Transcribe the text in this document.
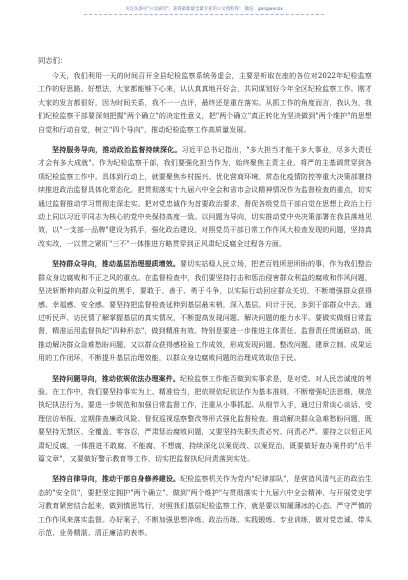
关注头条号"公文研究"，获得最新最全最专业的公文资料库！ 微信：gongwenzx

同志们：

今天，我们利用一天的时间召开全县纪检监察系统务虚会，主要是听取在座的各位对2022年纪检监察工作的好思路、好想法，大家都能够下心来，认认真真地开好会，共同谋划好今年全区纪检监察工作。刚才大家的发言都很好，因为时间关系，我不一一点评，最终还是重在落实。从抓工作的角度而言，我认为，我们纪检监察干部要深刻把握"两个确立"的决定性意义，把"两个确立"真正转化为坚决做到"两个维护"的思想自觉和行动自觉，树立"四个导向"，推动纪检监察工作高质量发展。

坚持服务导向，推动政治监督持续深化。习近平总书记指出，"多大担当才能干多大事业，尽多大责任才会有多大成就"。作为纪检监察干部，我们要强化担当作为，始终聚焦主责主业，将严的主基调贯穿到各项纪检监察工作中。具体到行动上，就要聚焦乡村振兴、优化营商环境、常态化疫情防控等重大决策部署持续推进政治监督具体化常态化。把贯彻落实十九届六中全会和省市会议精神情况作为监督检查的重点，切实通过监督推动学习贯彻走深走实。把对党忠诚作为首要政治要求，督促各级党员干部自觉在思想上政治上行动上同以习近平同志为核心的党中央保持高度一致。以问题为导向，切实推动党中央决策部署在我县落地见效，以"一支部一品牌"建设为抓手，强化政治建设，对照党员干部日常工作作风大检查发现的问题，坚持真改实改，一以贯之紧盯"三不"一体推进方略贯穿到正风肃纪反腐全过程各方面。

坚持群众导向，推动基层治理提质增效。要切实站稳人民立场，把老百姓所思所盼的事，作为我们整治群众身边腐败和不正之风的重点。在监督检查中，我们要坚持打击和惩治侵害群众利益的腐败和作风问题，坚决斩断伸向群众利益的黑手，要敢于、善于、勇于斗争，以实际行动回应群众关切，不断增强群众获得感、幸福感、安全感。要坚持把监督检查延伸到基层最末梢，深入基层、问计于民，多到干部群众中去，通过听民声、访民情了解掌握基层的真实情况，不断提高发现问题、解决问题的能力水平。要做实做细日常监督，精准运用监督执纪"四种形态"，做到精准有效。特别是要进一步推进主体责任、监督责任贯通联动，既推动解决群众急难愁盼问题，又以群众获得感检验工作成效，形成发现问题、整改问题、建章立制、成果运用的工作闭环，不断提升基层治理效能，以群众身边腐败问题的治理成效取信于民。

坚持问题导向，推动依规依法办理案件。纪检监察工作能否做到实事求是，是对党、对人民忠诚度的考验。在工作中，我们要坚持事实为上、精准恰当，把依规依纪依法作为基本准则，不断增强纪法思维，规范执纪执法行为。要进一步规范和加强日常监督工作，注重从小事抓起、从细节入手，通过日常谈心谈话、受理信访举报、定期排查廉政风险、督促巡视巡察整改等形式强化监督检查。推动解决群众急难愁盼问题，既要坚持无禁区、全覆盖、零容忍，严肃惩治腐败问题，又要坚持失职失责必究、问责必严。要持之以恒正风肃纪反腐，一体推进不敢腐、不能腐、不想腐，持续深化以案促改、以案促治，既要做好查办案件的"后半篇文章"，又要做好警示教育等工作，切实把监督执纪问责落到实处。

坚持自律导向，推动干部自身修养建设。纪检监察机关作为党内"纪律部队"，是营造风清气正的政治生态的"安全员"，要把坚定拥护"两个确立"、做到"两个维护"与贯彻落实十九届六中全会精神、与开展党史学习教育紧密结合起来，做到慎思笃行，对照我们基层纪检监察工作，就是要以知履薄冰的心态、严守严慎的工作作风来落实监督。办好案子，不断加强思想淬炼、政治历练、实践锻炼、专业训练，做对党忠诚、带头示范、业务精湛、清正廉洁的表率。
